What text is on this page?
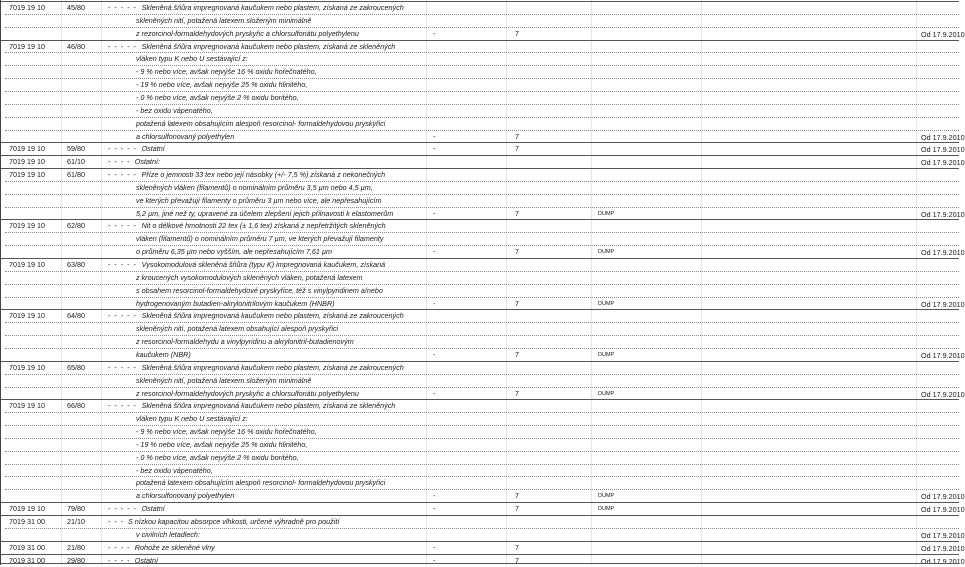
7019 19 10	45/80	- - - - - Skleněná šňůra impregnovaná kaučukem nebo plastem, získaná ze zakroucených
skleněných nití, potažená latexem složeným minimálně
z rezorcinol-formaldehydových pryskyřic a chlorsulfonátu polyethylenu	-	7	Od 17.9.2010
7019 19 10	46/80	- - - - - Skleněná šňůra impregnovaná kaučukem nebo plastem, získaná ze skleněných
vláken typu K nebo U sestávající z:
- 9 % nebo více, avšak nejvýše 16 % oxidu hořečnatého,
- 19 % nebo více, avšak nejvýše 25 % oxidu hlinitého,
- 0 % nebo více, avšak nejvýše 2 % oxidu boritého,
- bez oxidu vápenatého,
potažená latexem obsahujícím alespoň resorcinol- formaldehydovou pryskyřici
a chlorsulfonovaný polyethylen	-	7	Od 17.9.2010
7019 19 10	59/80	- - - - - Ostatní	-	7	Od 17.9.2010
7019 19 10	61/10	- - - - Ostatní:	Od 17.9.2010
7019 19 10	61/80	- - - - - Příze o jemnosti 33 tex nebo její násobky (+/- 7,5 %) získaná z nekonečných
skleněných vláken (filamentů) o nominálním průměru 3,5 µm nebo 4,5 µm,
ve kterých převažují filamenty o průměru 3 µm nebo více, ale nepřesahujícím
5,2 µm, jiné než ty, upravené za účelem zlepšení jejich přilnavosti k elastomerům	-	7	DUMP	Od 17.9.2010
7019 19 10	62/80	- - - - - Nit o délkové hmotnosti 22 tex (± 1,6 tex) získaná z nepřetržitých skleněných
vláken (filamentů) o nominálním průměru 7 µm, ve kterých převažují filamenty
o průměru 6,35 µm nebo vyšším, ale nepřesahujícím 7,61 µm	-	7	DUMP	Od 17.9.2010
7019 19 10	63/80	- - - - - Vysokomodulová skleněná šňůra (typu K) impregnovaná kaučukem, získaná
z kroucených vysokomodulových skleněných vláken, potažená latexem
s obsahem resorcinol-formaldehydové pryskyřice, též s vinylpyridinem a/nebo
hydrogenovaným butadien-akrylonitrilovým kaučukem (HNBR)	-	7	DUMP	Od 17.9.2010
7019 19 10	64/80	- - - - - Skleněná šňůra impregnovaná kaučukem nebo plastem, získaná ze zakroucených
skleněných nití, potažená latexem obsahující alespoň pryskyřici
z resorcinol-formaldehydu a vinylpyridinu a akrylonitril-butadienovým
kaučukem (NBR)	-	7	DUMP	Od 17.9.2010
7019 19 10	65/80	- - - - - Skleněná šňůra impregnovaná kaučukem nebo plastem, získaná ze zakroucených
skleněných nití, potažená latexem složeným minimálně
z resorcinol-formaldehydových pryskyřic a chlorsulfonátu polyethylenu	-	7	DUMP	Od 17.9.2010
7019 19 10	66/80	- - - - - Skleněná šňůra impregnovaná kaučukem nebo plastem, získaná ze skleněných
vláken typu K nebo U sestávající z:
- 9 % nebo více, avšak nejvýše 16 % oxidu hořečnatého,
- 19 % nebo více, avšak nejvýše 25 % oxidu hlinitého,
- 0 % nebo více, avšak nejvýše 2 % oxidu boritého,
- bez oxidu vápenatého,
potažená latexem obsahujícím alespoň resorcinol- formaldehydovou pryskyřici
a chlorsulfonovaný polyethylen	-	7	DUMP	Od 17.9.2010
7019 19 10	79/80	- - - - - Ostatní	-	7	DUMP	Od 17.9.2010
7019 31 00	21/10	- - - S nízkou kapacitou absorpce vlhkosti, určené výhradně pro použití
v civilních letadlech:	Od 17.9.2010
7019 31 00	21/80	- - - - Rohože ze skleněné vlny	-	7	Od 17.9.2010
7019 31 00	29/80	- - - - Ostatní	-	7	Od 17.9.2010
